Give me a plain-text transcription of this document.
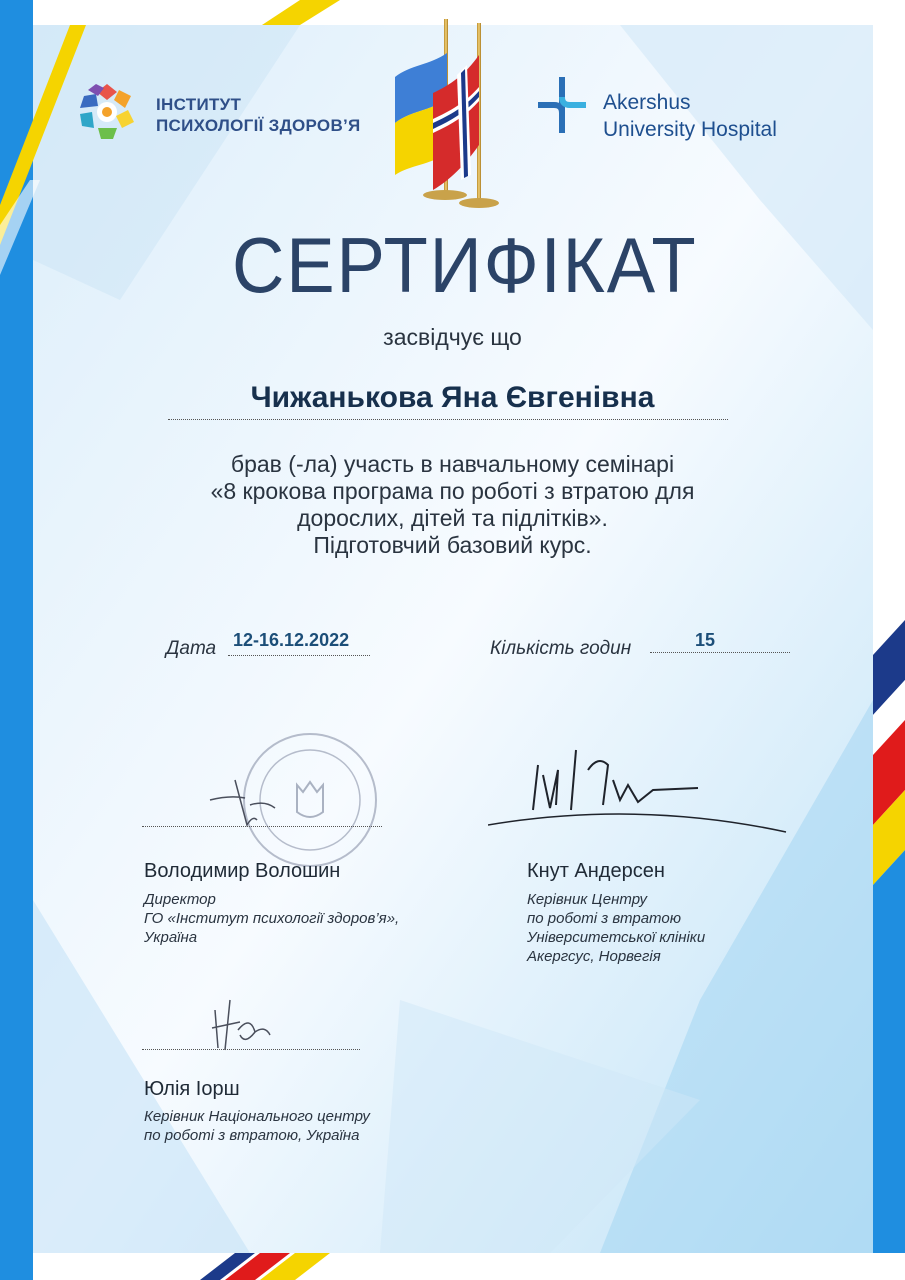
ІНСТИТУТ
ПСИХОЛОГІЇ ЗДОРОВ’Я
Akershus
University Hospital
СЕРТИФІКАТ
засвідчує що
Чижанькова Яна Євгенівна
брав (-ла) участь в навчальному семінарі
«8 крокова програма по роботі з втратою для
дорослих, дітей та підлітків».
Підготовчий базовий курс.
Дата 12-16.12.2022	Кількість годин	15
Володимир Волошин
Директор
ГО «Інститут психології здоров’я»,
Україна
Кнут Андерсен
Керівник Центру
по роботі з втратою
Університетської клініки
Акергсус, Норвегія
Юлія Іорш
Керівник Національного центру
по роботі з втратою, Україна
